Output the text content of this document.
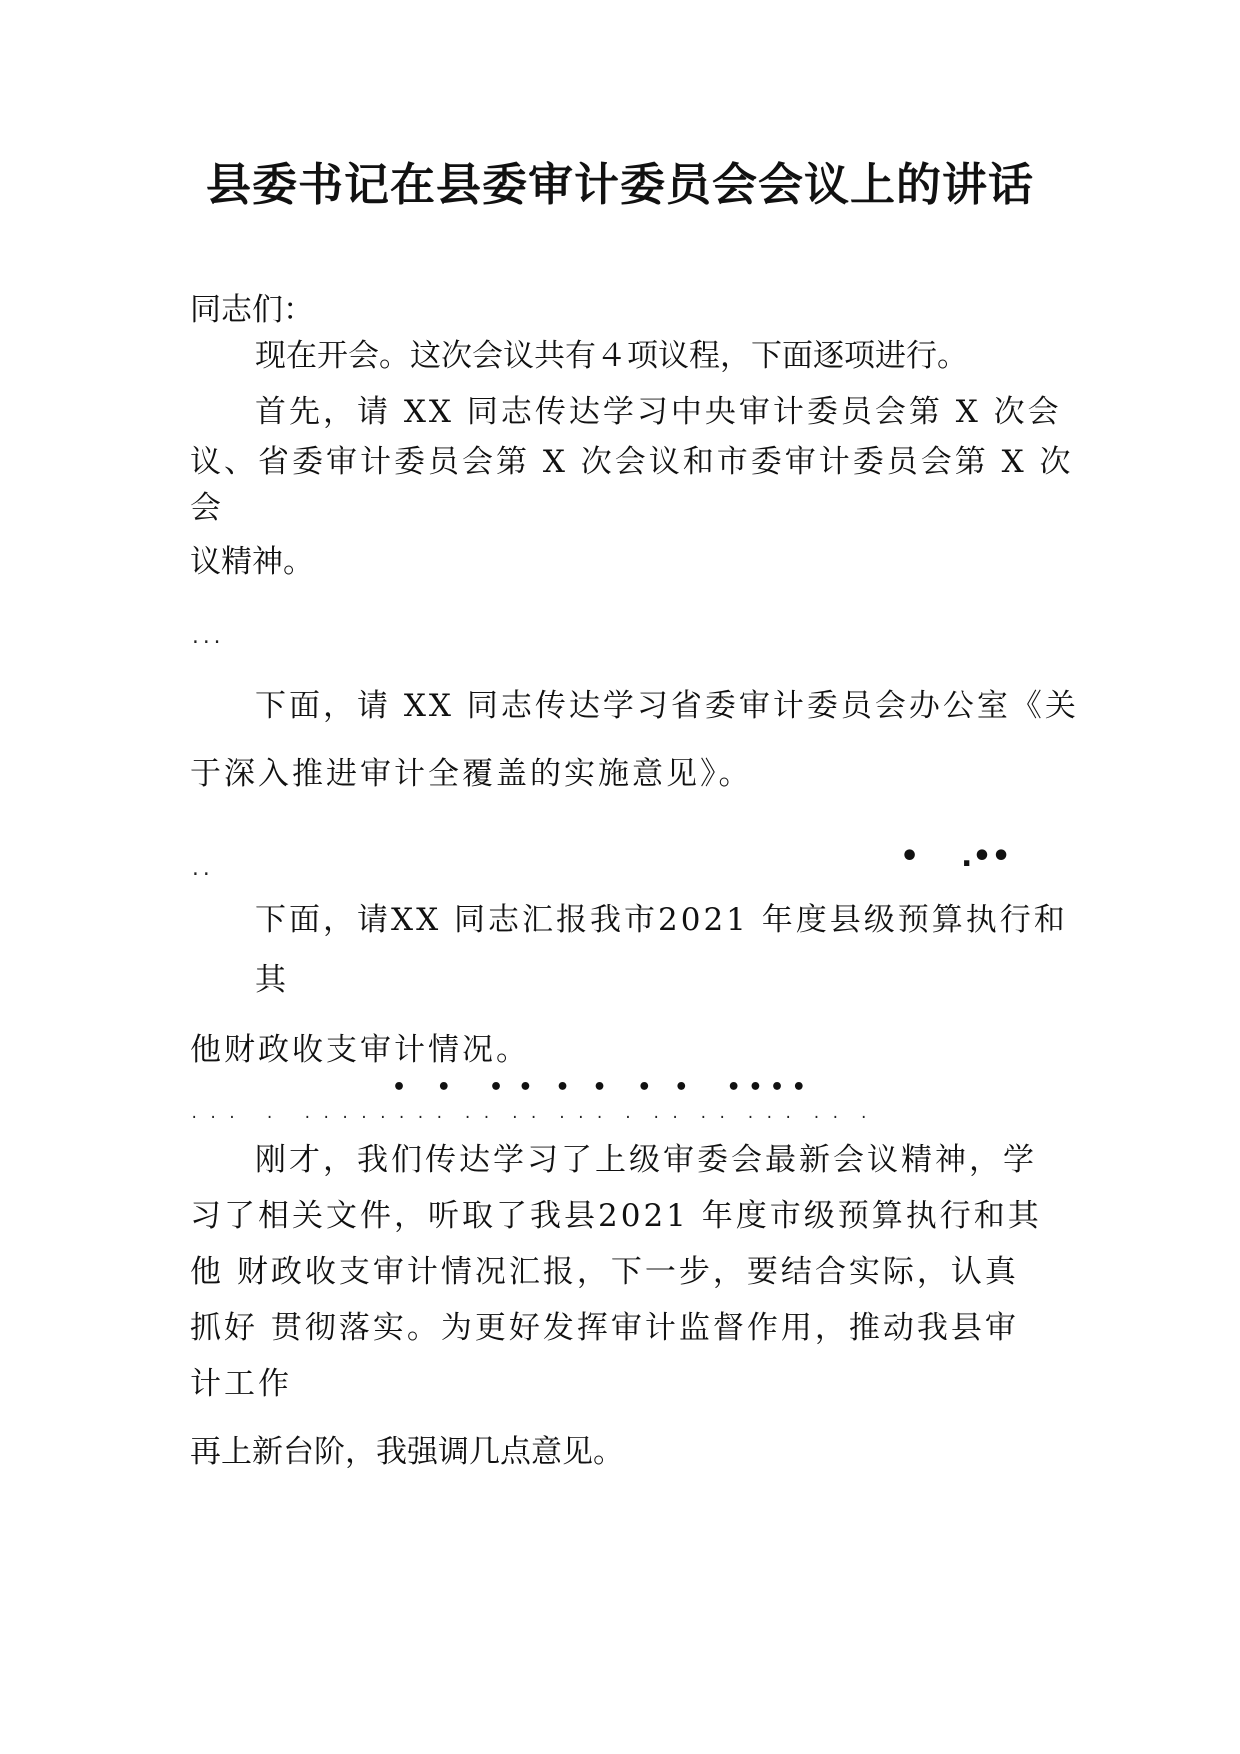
县委书记在县委审计委员会会议上的讲话
同志们：
现在开会。这次会议共有４项议程，下面逐项进行。
首先，请 XX 同志传达学习中央审计委员会第 X 次会
议、省委审计委员会第 X 次会议和市委审计委员会第 X 次
会
议精神。
...
下面，请 XX 同志传达学习省委审计委员会办公室《关
于深入推进审计全覆盖的实施意见》。
..	•    .••
下面，请XX 同志汇报我市2021 年度县级预算执行和
其
他财政收支审计情况。
•    •     •  •   •   •    •   •     • • • •
. . .   .   . . . . . . . .  . .  . .  . . .  .  . .  . .  . . .  . .  .
刚才，我们传达学习了上级审委会最新会议精神，学
习了相关文件，听取了我县2021 年度市级预算执行和其
他 财政收支审计情况汇报，下一步，要结合实际，认真
抓好 贯彻落实。为更好发挥审计监督作用，推动我县审
计工作
再上新台阶，我强调几点意见。
